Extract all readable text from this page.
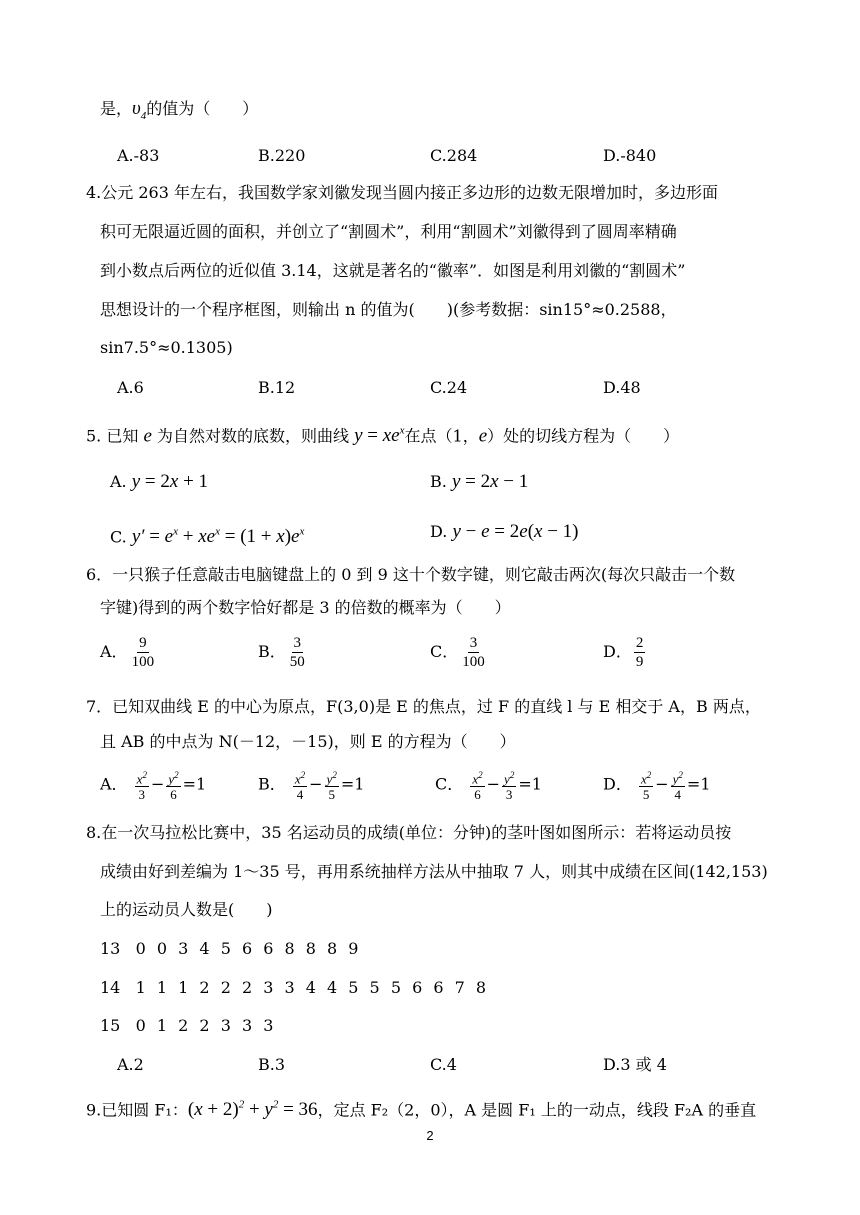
是，$\upsilon_4$的值为（　　）
A.-83	B.220	C.284	D.-840
4.公元 263 年左右，我国数学家刘徽发现当圆内接正多边形的边数无限增加时，多边形面
积可无限逼近圆的面积，并创立了“割圆术”，利用“割圆术”刘徽得到了圆周率精确
到小数点后两位的近似值 3.14，这就是著名的“徽率”．如图是利用刘徽的“割圆术”
思想设计的一个程序框图，则输出 n 的值为(　　)(参考数据：sin15°≈0.2588，
sin7.5°≈0.1305)
A.6	B.12	C.24	D.48
5. 已知 e 为自然对数的底数，则曲线 $y = xe^x$在点（1，e）处的切线方程为（　　）
A. y = 2x + 1	B. y = 2x − 1
C. $y' = e^x + xe^x = (1 + x)e^x$	D. y − e = 2e(x − 1)
6．一只猴子任意敲击电脑键盘上的 0 到 9 这十个数字键，则它敲击两次(每次只敲击一个数
字键)得到的两个数字恰好都是 3 的倍数的概率为（　　）
A． $\frac{9}{100}$	B． $\frac{3}{50}$	C． $\frac{3}{100}$	D． $\frac{2}{9}$
7．已知双曲线 E 的中心为原点，F(3,0)是 E 的焦点，过 F 的直线 l 与 E 相交于 A，B 两点，
且 AB 的中点为 N(－12，－15)，则 E 的方程为（　　）
A． $\frac{x^2}{3} - \frac{y^2}{6} =1$	B． $\frac{x^2}{4} - \frac{y^2}{5} =1$	C． $\frac{x^2}{6} - \frac{y^2}{3} =1$	D． $\frac{x^2}{5} - \frac{y^2}{4} =1$
8.在一次马拉松比赛中，35 名运动员的成绩(单位：分钟)的茎叶图如图所示：若将运动员按
成绩由好到差编为 1～35 号，再用系统抽样方法从中抽取 7 人，则其中成绩在区间(142,153)
上的运动员人数是(　　)
13 0 0 3 4 5 6 6 8 8 8 9
14 1 1 1 2 2 2 3 3 4 4 5 5 5 6 6 7 8
15 0 1 2 2 3 3 3
A.2	B.3	C.4	D.3 或 4
9.已知圆 F₁：$(x + 2)^2 + y^2 = 36$，定点 F₂（2，0），A 是圆 F₁ 上的一动点，线段 F₂A 的垂直
2
